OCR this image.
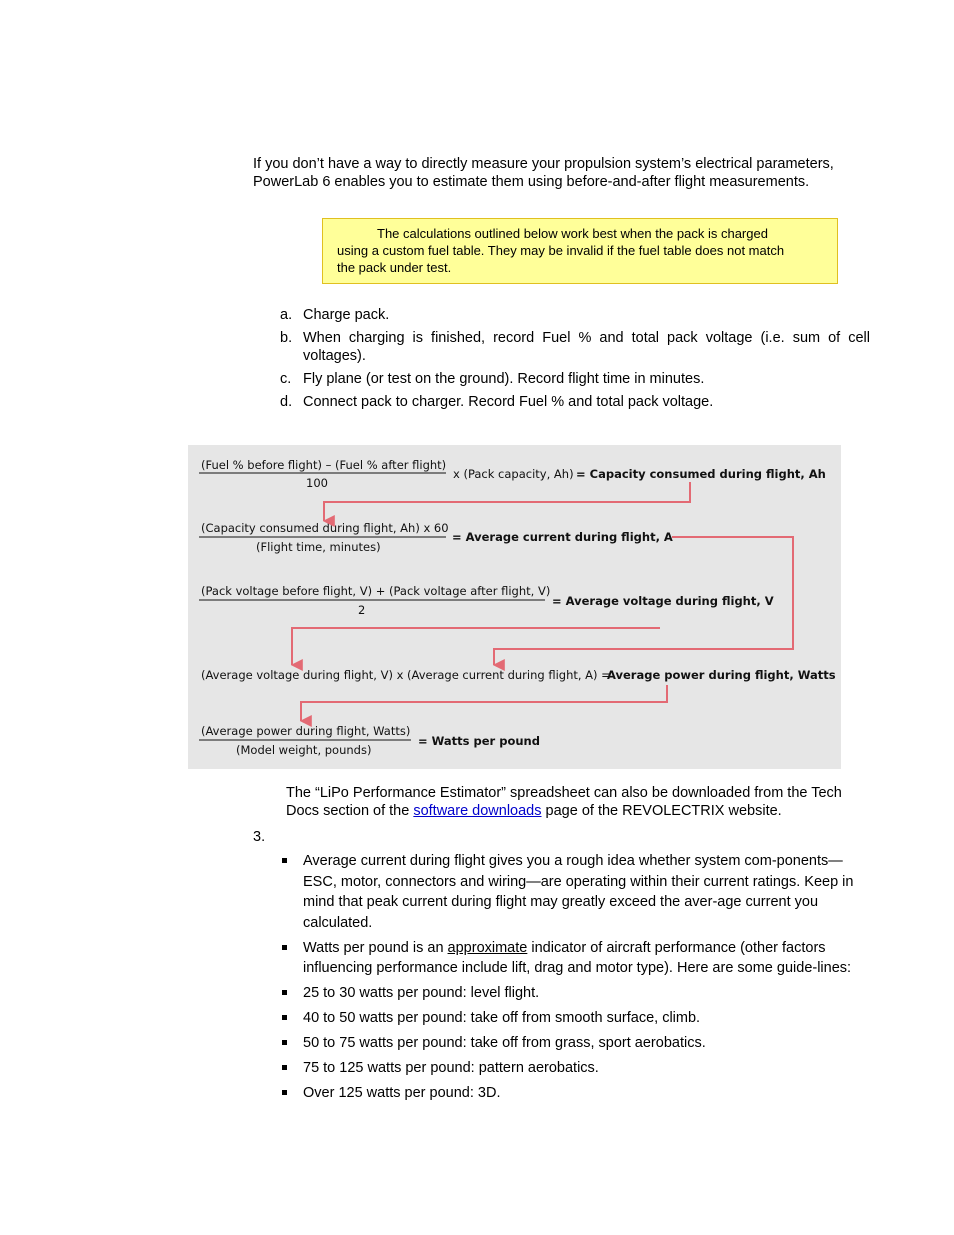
If you don’t have a way to directly measure your propulsion system’s electrical parameters, PowerLab 6 enables you to estimate them using before-and-after flight measurements.
The calculations outlined below work best when the pack is charged
using a custom fuel table. They may be invalid if the fuel table does not match
the pack under test.
a. Charge pack.
b. When charging is finished, record Fuel % and total pack voltage (i.e. sum of cell voltages).
c. Fly plane (or test on the ground). Record flight time in minutes.
d. Connect pack to charger. Record Fuel % and total pack voltage.
(Fuel % before flight) – (Fuel % after flight)
100
x (Pack capacity, Ah) = Capacity consumed during flight, Ah
(Capacity consumed during flight, Ah) x 60
(Flight time, minutes)
= Average current during flight, A
(Pack voltage before flight, V) + (Pack voltage after flight, V)
2
= Average voltage during flight, V
(Average voltage during flight, V) x (Average current during flight, A) =
Average power during flight, Watts
(Average power during flight, Watts)
(Model weight, pounds)
= Watts per pound
The “LiPo Performance Estimator” spreadsheet can also be downloaded from the Tech Docs section of the software downloads page of the REVOLECTRIX website.
3.
Average current during flight gives you a rough idea whether system com-ponents—ESC, motor, connectors and wiring—are operating within their current ratings. Keep in mind that peak current during flight may greatly exceed the aver-age current you calculated.
Watts per pound is an approximate indicator of aircraft performance (other factors influencing performance include lift, drag and motor type). Here are some guide-lines:
25 to 30 watts per pound: level flight.
40 to 50 watts per pound: take off from smooth surface, climb.
50 to 75 watts per pound: take off from grass, sport aerobatics.
75 to 125 watts per pound: pattern aerobatics.
Over 125 watts per pound: 3D.
